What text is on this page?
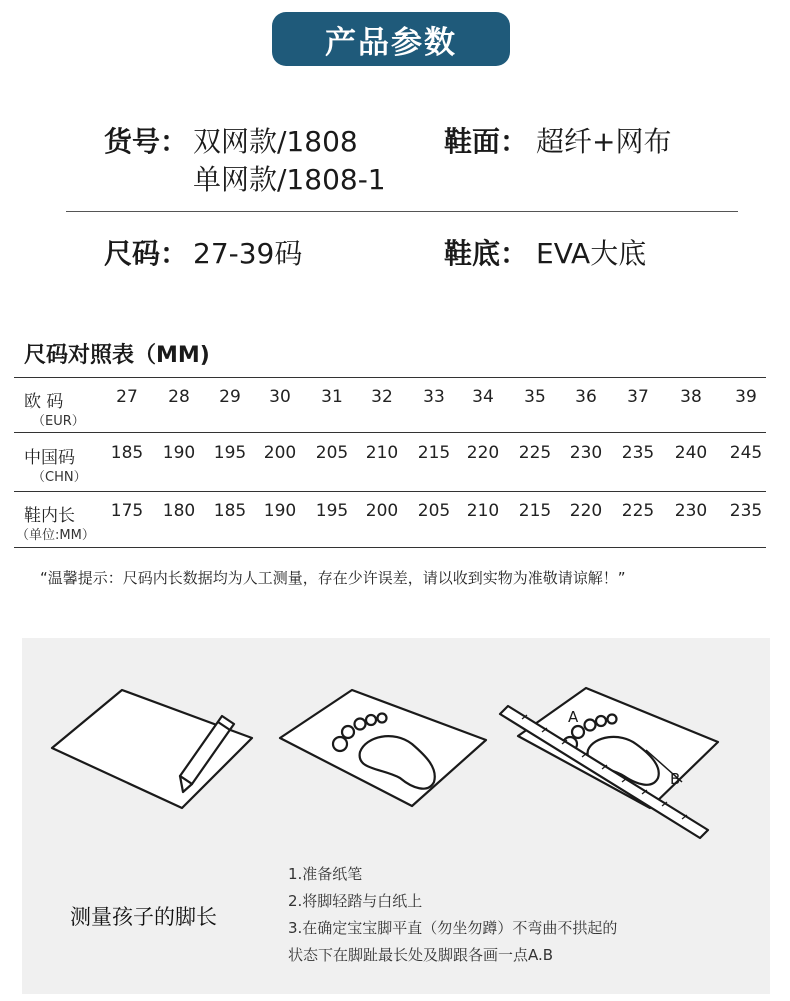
产品参数
货号： 双网款/1808
单网款/1808-1
鞋面： 超纤+网布
尺码： 27-39码	鞋底： EVA大底
尺码对照表（MM)
欧 码
（EUR）
27	28	29	30	31	32	33	34	35	36	37	38	39
中国码
（CHN）
185	190	195	200	205	210	215 220	225	230	235	240	245
鞋内长
（单位:MM）
175	180	185	190	195	200	205 210	215	220	225	230	235
“温馨提示：尺码内长数据均为人工测量，存在少许误差，请以收到实物为准敬请谅解！”
A
B
测量孩子的脚长
1.准备纸笔
2.将脚轻踏与白纸上
3.在确定宝宝脚平直（勿坐勿蹲）不弯曲不拱起的
状态下在脚趾最长处及脚跟各画一点A.B
